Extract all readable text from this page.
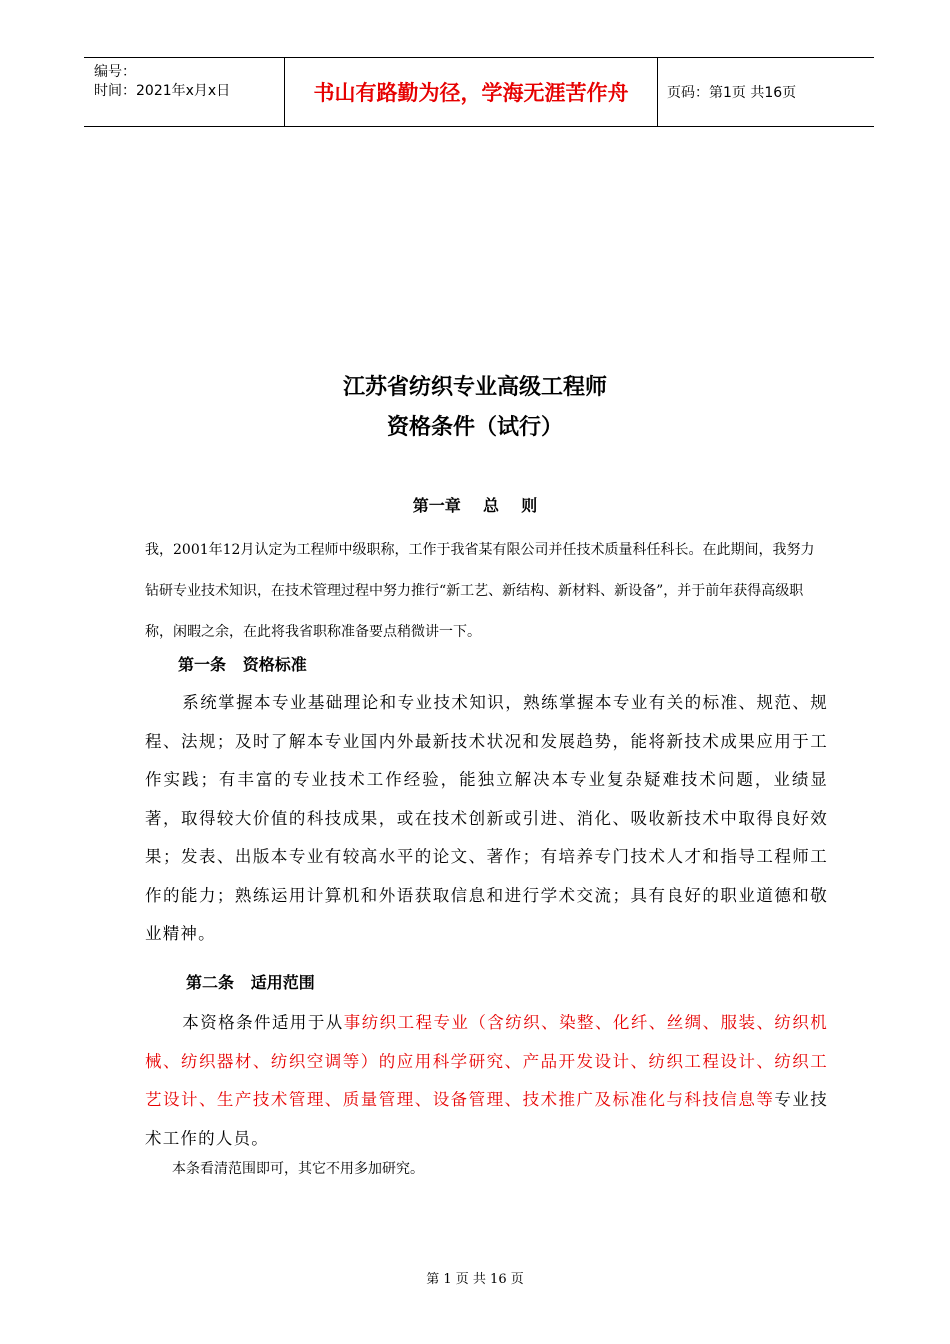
编号：
时间：2021年x月x日	书山有路勤为径，学海无涯苦作舟	页码：第1页 共16页
江苏省纺织专业高级工程师
资格条件（试行）
第一章    总    则
我，2001年12月认定为工程师中级职称，工作于我省某有限公司并任技术质量科任科长。在此期间，我努力钻研专业技术知识，在技术管理过程中努力推行“新工艺、新结构、新材料、新设备”，并于前年获得高级职称，闲暇之余，在此将我省职称准备要点稍微讲一下。
第一条   资格标准
系统掌握本专业基础理论和专业技术知识，熟练掌握本专业有关的标准、规范、规程、法规；及时了解本专业国内外最新技术状况和发展趋势，能将新技术成果应用于工作实践；有丰富的专业技术工作经验，能独立解决本专业复杂疑难技术问题，业绩显著，取得较大价值的科技成果，或在技术创新或引进、消化、吸收新技术中取得良好效果；发表、出版本专业有较高水平的论文、著作；有培养专门技术人才和指导工程师工作的能力；熟练运用计算机和外语获取信息和进行学术交流；具有良好的职业道德和敬业精神。
第二条   适用范围
本资格条件适用于从事纺织工程专业（含纺织、染整、化纤、丝绸、服装、纺织机械、纺织器材、纺织空调等）的应用科学研究、产品开发设计、纺织工程设计、纺织工艺设计、生产技术管理、质量管理、设备管理、技术推广及标准化与科技信息等专业技术工作的人员。
本条看清范围即可，其它不用多加研究。
第 1 页 共 16 页
